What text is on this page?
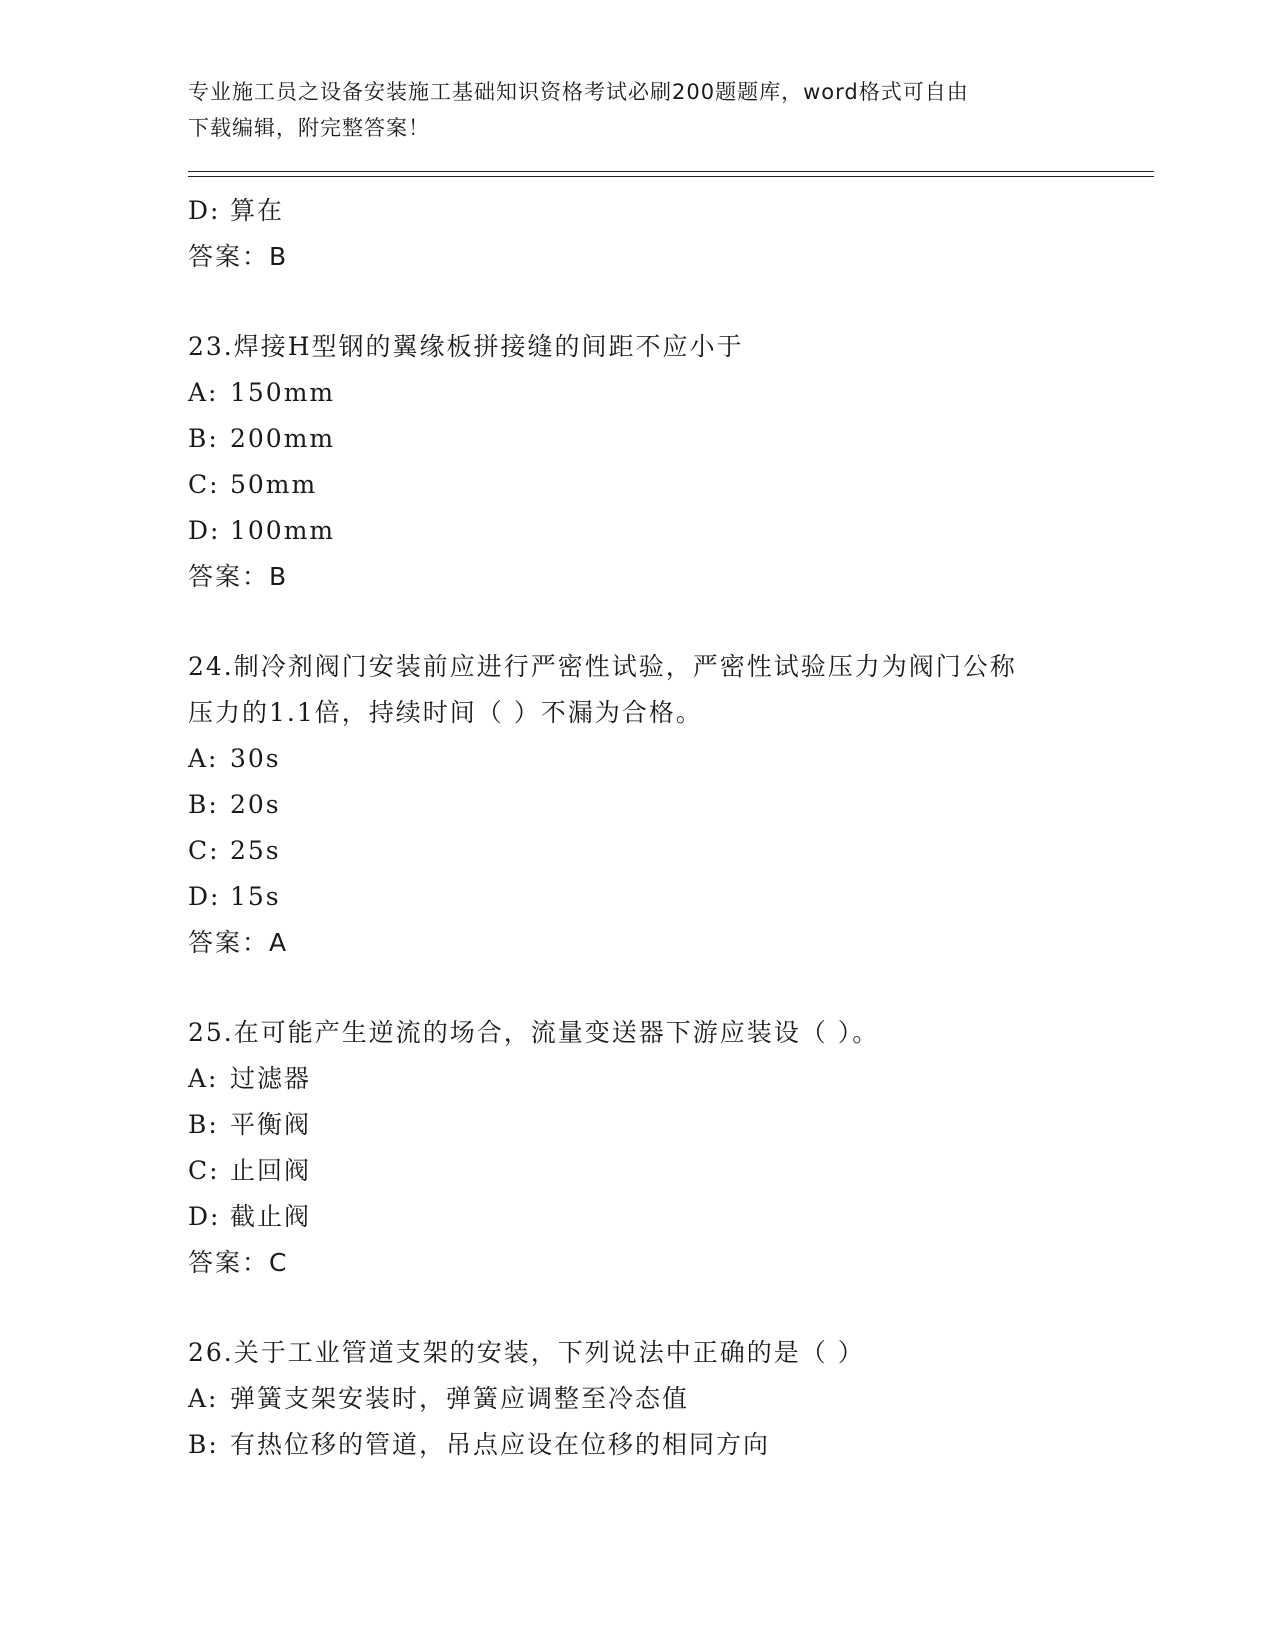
专业施工员之设备安装施工基础知识资格考试必刷200题题库，word格式可自由
下载编辑，附完整答案！
D: 算在
答案：B
23.焊接H型钢的翼缘板拼接缝的间距不应小于
A: 150mm
B: 200mm
C: 50mm
D: 100mm
答案：B
24.制冷剂阀门安装前应进行严密性试验，严密性试验压力为阀门公称
压力的1.1倍，持续时间（ ）不漏为合格。
A: 30s
B: 20s
C: 25s
D: 15s
答案：A
25.在可能产生逆流的场合，流量变送器下游应装设（ ）。
A: 过滤器
B: 平衡阀
C: 止回阀
D: 截止阀
答案：C
26.关于工业管道支架的安装，下列说法中正确的是（ ）
A: 弹簧支架安装时，弹簧应调整至冷态值
B: 有热位移的管道，吊点应设在位移的相同方向
